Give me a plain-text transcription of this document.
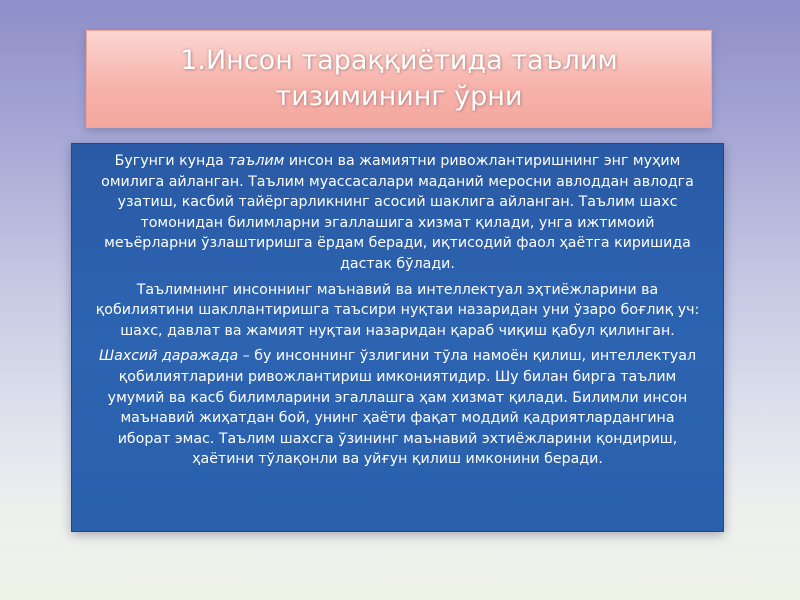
1.Инсон тараққиётида таълим тизимининг ўрни

Бугунги кунда таълим инсон ва жамиятни ривожлантиришнинг энг муҳим омилига айланган. Таълим муассасалари маданий меросни авлоддан авлодга узатиш, касбий тайёргарликнинг асосий шаклига айланган. Таълим шахс томонидан билимларни эгаллашига хизмат қилади, унга ижтимоий меъёрларни ўзлаштиришга ёрдам беради, иқтисодий фаол ҳаётга киришида дастак бўлади.

Таълимнинг инсоннинг маънавий ва интеллектуал эҳтиёжларини ва қобилиятини шакллантиришга таъсири нуқтаи назаридан уни ўзаро боғлиқ уч: шахс, давлат ва жамият нуқтаи назаридан қараб чиқиш қабул қилинган.

Шахсий даражада – бу инсоннинг ўзлигини тўла намоён қилиш, интеллектуал қобилиятларини ривожлантириш имкониятидир. Шу билан бирга таълим умумий ва касб билимларини эгаллашга ҳам хизмат қилади. Билимли инсон маънавий жиҳатдан бой, унинг ҳаёти фақат моддий қадриятлардангина иборат эмас. Таълим шахсга ўзининг маънавий эхтиёжларини қондириш, ҳаётини тўлақонли ва уйғун қилиш имконини беради.
